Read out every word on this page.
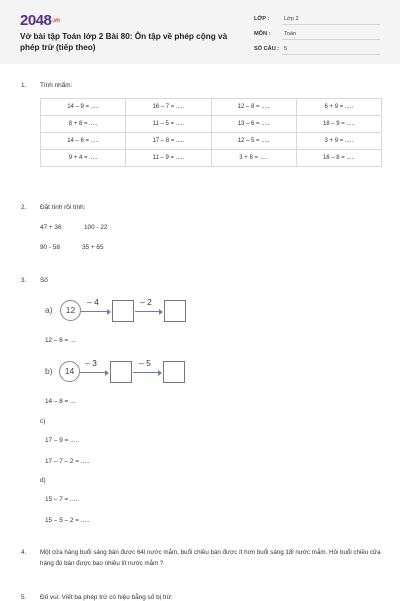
2048.vn
Vở bài tập Toán lớp 2 Bài 80: Ôn tập về phép cộng và phép trừ (tiếp theo)
LỚP :	Lớp 2
MÔN : Toán
SỐ CÂU : 5
1. Tính nhẩm:
14 – 9 = .....	16 – 7 = .....	12 – 8 = .....	6 + 9 = .....
8 + 8 = .....	11 – 5 = .....	13 – 6 = .....	18 – 9 = .....
14 – 6 = .....	17 – 8 = .....	12 – 5 = .....	3 + 9 = .....
9 + 4 = .....	11 – 9 = .....	3 + 8 = .....	16 – 8 = .....
2. Đặt tính rồi tính:
47 + 36	100 - 22
90 - 58	35 + 65
3. Số
a)	12
– 4	– 2
12 – 6 = ...
b)	14
– 3	– 5
14 – 8 = ...
c)
17 – 9 = .....
17 – 7 – 2 = .....
d)
15 – 7 = .....
15 – 5 – 2 = .....
4. Một cửa hàng buổi sáng bán được 64l nước mắm, buổi chiều bán được ít hơn buổi sáng 18l nước mắm. Hỏi buổi chiều cửa hàng đó bán được bao nhiêu lít nước mắm ?
5. Đố vui: Viết ba phép trừ có hiệu bằng số bị trừ:
